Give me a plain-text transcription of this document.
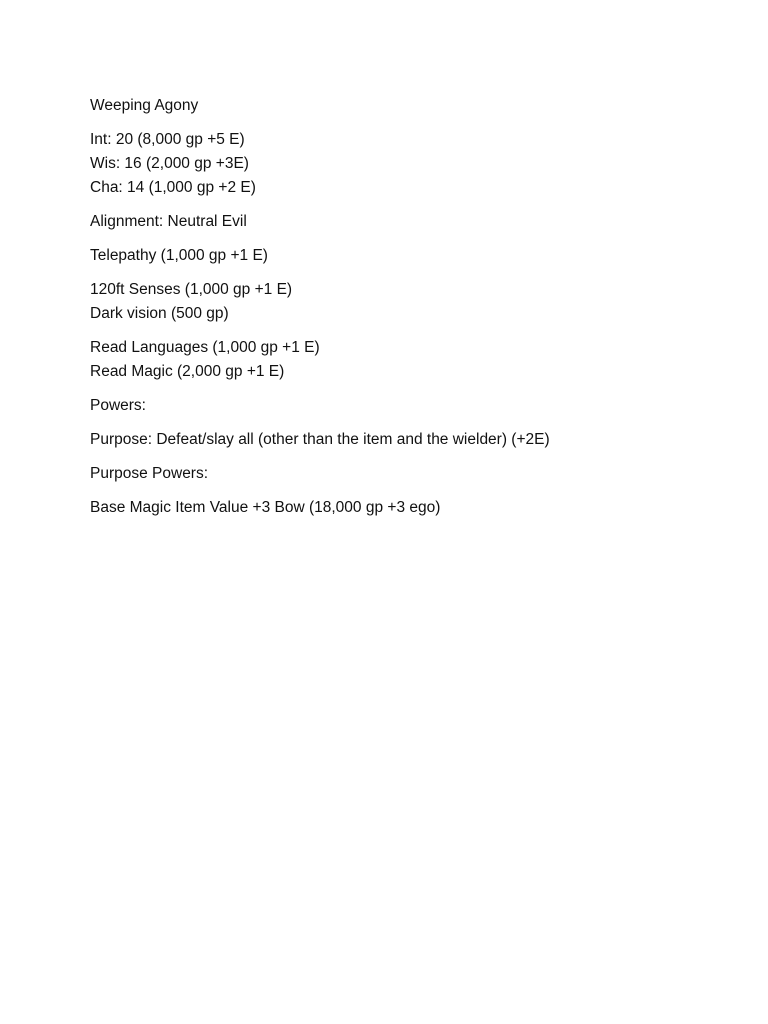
Weeping Agony

Int: 20 (8,000 gp +5 E)
Wis: 16 (2,000 gp +3E)
Cha: 14 (1,000 gp +2 E)

Alignment: Neutral Evil

Telepathy (1,000 gp +1 E)

120ft Senses (1,000 gp +1 E)
Dark vision (500 gp)

Read Languages (1,000 gp +1 E)
Read Magic (2,000 gp +1 E)

Powers:

Purpose: Defeat/slay all (other than the item and the wielder) (+2E)

Purpose Powers:

Base Magic Item Value +3 Bow (18,000 gp +3 ego)
